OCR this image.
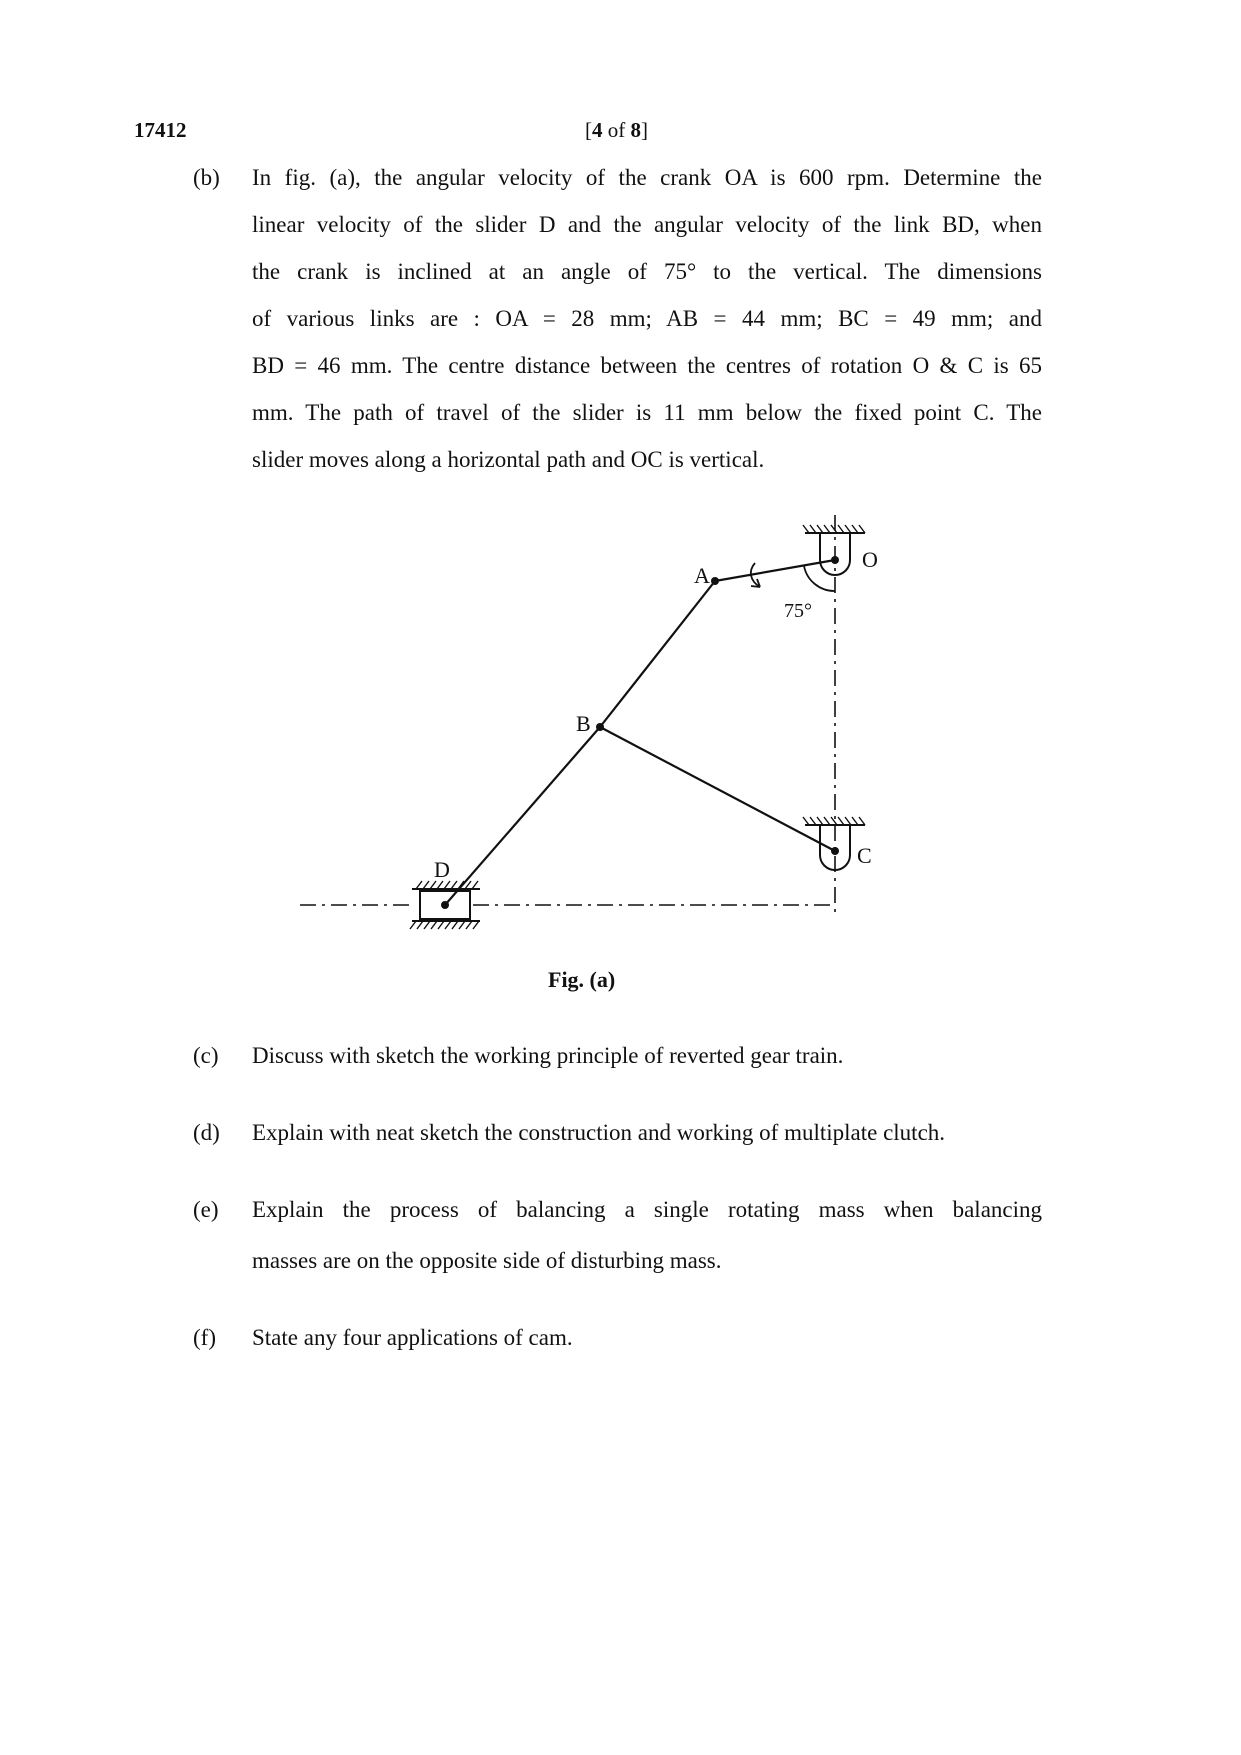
17412	[4 of 8]
(b) In fig. (a), the angular velocity of the crank OA is 600 rpm. Determine the
linear velocity of the slider D and the angular velocity of the link BD, when
the crank is inclined at an angle of 75° to the vertical. The dimensions
of various links are : OA = 28 mm; AB = 44 mm; BC = 49 mm; and
BD = 46 mm. The centre distance between the centres of rotation O & C is 65
mm. The path of travel of the slider is 11 mm below the fixed point C. The
slider moves along a horizontal path and OC is vertical.
O
A
B
C
D
75°
Fig. (a)
(c) Discuss with sketch the working principle of reverted gear train.
(d) Explain with neat sketch the construction and working of multiplate clutch.
(e) Explain the process of balancing a single rotating mass when balancing
masses are on the opposite side of disturbing mass.
(f) State any four applications of cam.
